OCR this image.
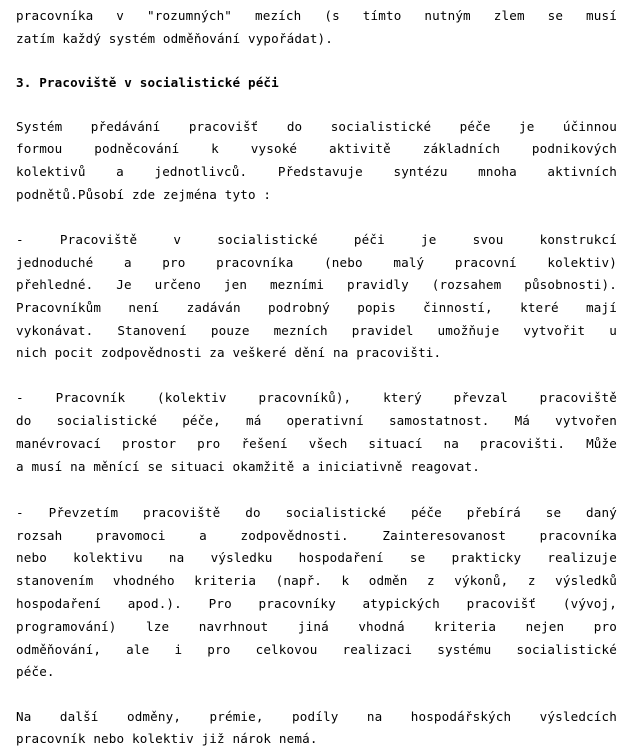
pracovníka v "rozumných" mezích (s tímto nutným zlem se musí
zatím každý systém odměňování vypořádat).
3. Pracoviště v socialistické péči
Systém předávání pracovišť do socialistické péče je účinnou
formou podněcování k vysoké aktivitě základních podnikových
kolektivů a jednotlivců. Představuje syntézu mnoha aktivních
podnětů.Působí zde zejména tyto :
- Pracoviště v socialistické péči je svou konstrukcí
jednoduché a pro pracovníka (nebo malý pracovní kolektiv)
přehledné. Je určeno jen mezními pravidly (rozsahem působnosti).
Pracovníkům není zadáván podrobný popis činností, které mají
vykonávat. Stanovení pouze mezních pravidel umožňuje vytvořit u
nich pocit zodpovědnosti za veškeré dění na pracovišti.
- Pracovník (kolektiv pracovníků), který převzal pracoviště
do socialistické péče, má operativní samostatnost. Má vytvořen
manévrovací prostor pro řešení všech situací na pracovišti. Může
a musí na měnící se situaci okamžitě a iniciativně reagovat.
- Převzetím pracoviště do socialistické péče přebírá se daný
rozsah pravomoci a zodpovědnosti. Zainteresovanost pracovníka
nebo kolektivu na výsledku hospodaření se prakticky realizuje
stanovením vhodného kriteria (např. k odměn z výkonů, z výsledků
hospodaření apod.). Pro pracovníky atypických pracovišť (vývoj,
programování) lze navrhnout jiná vhodná kriteria nejen pro
odměňování, ale i pro celkovou realizaci systému socialistické
péče.
Na další odměny, prémie, podíly na hospodářských výsledcích
pracovník nebo kolektiv již nárok nemá.
